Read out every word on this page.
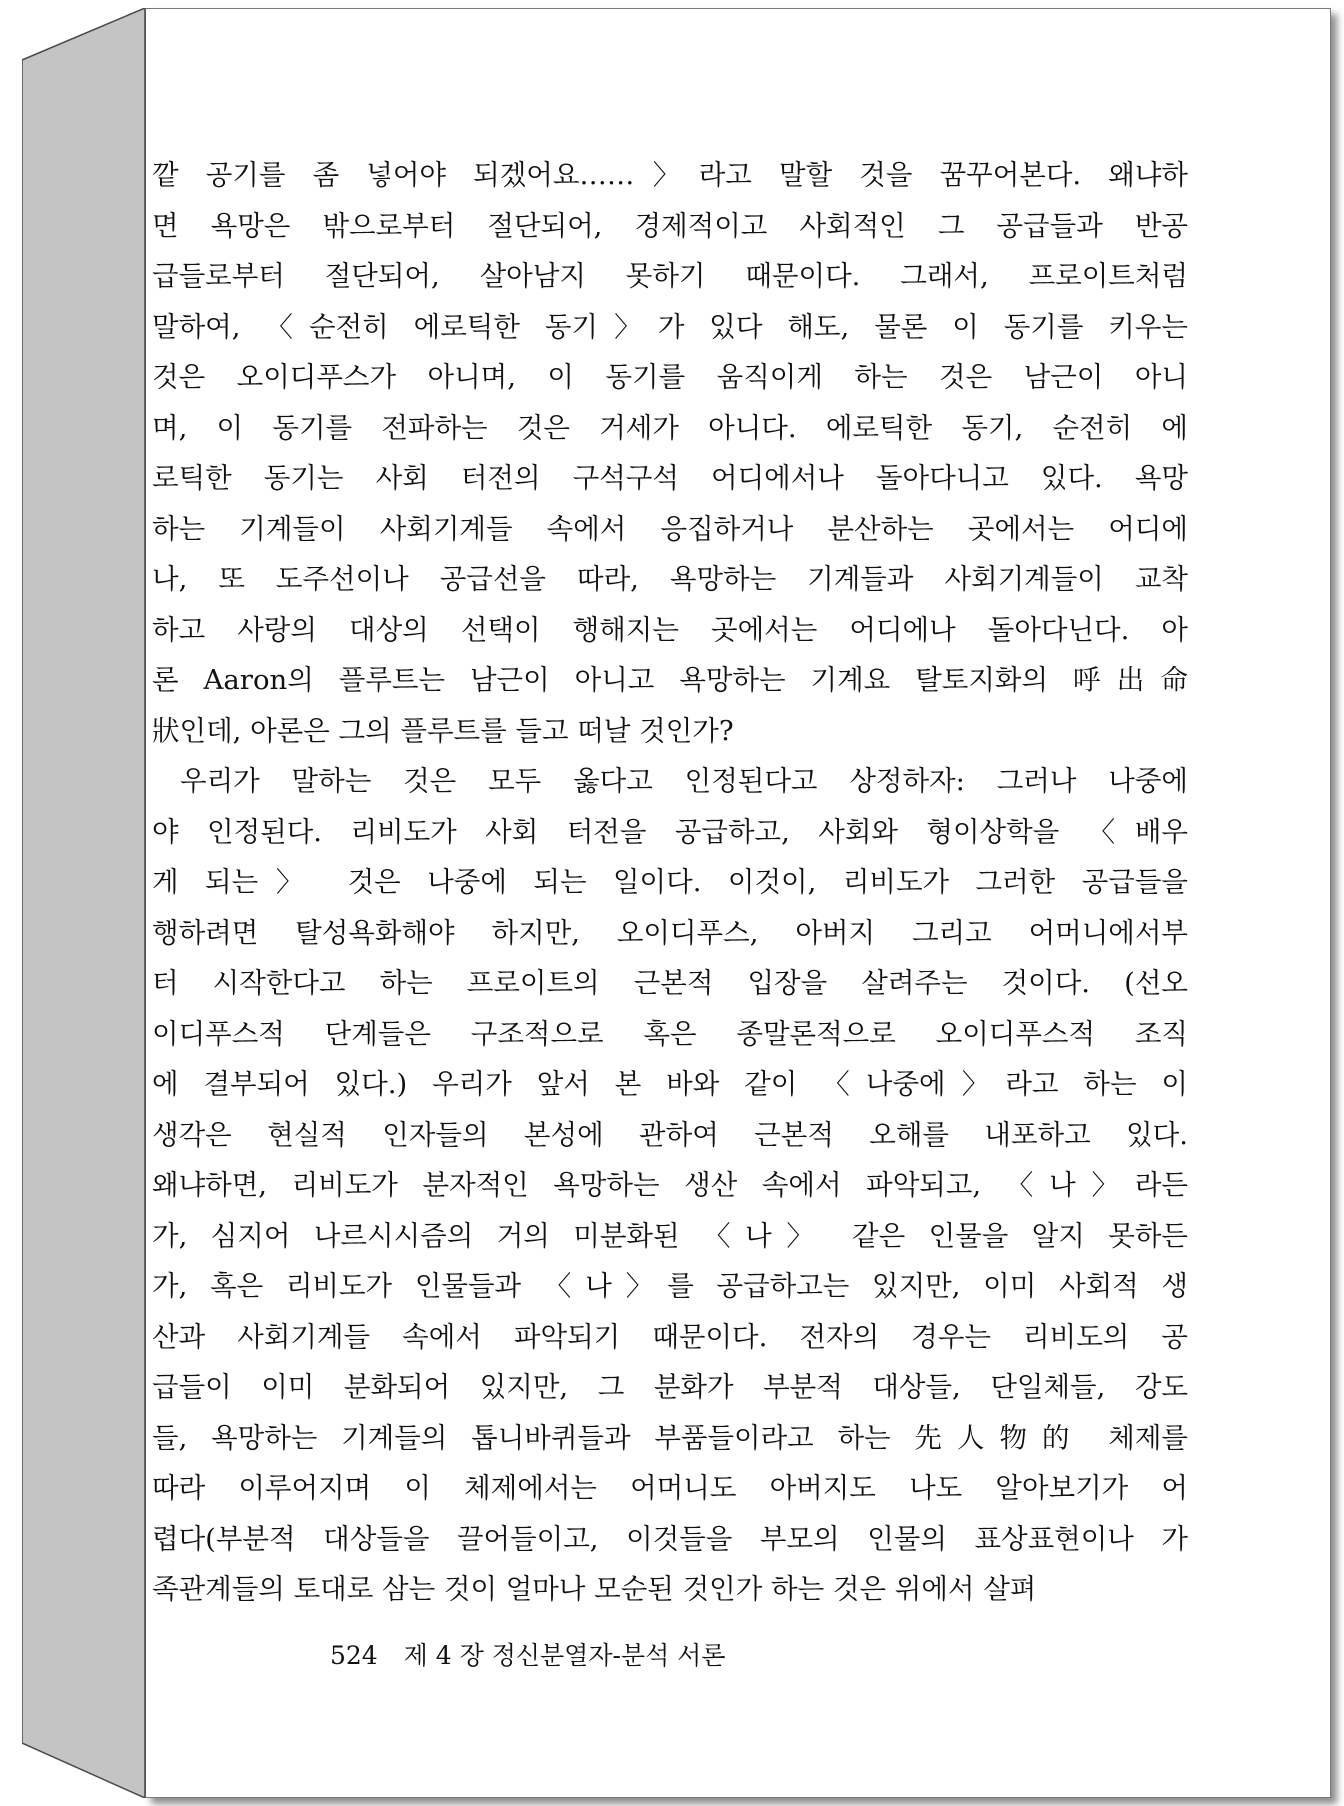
깥 공기를 좀 넣어야 되겠어요……〉라고 말할 것을 꿈꾸어본다. 왜냐하
면 욕망은 밖으로부터 절단되어, 경제적이고 사회적인 그 공급들과 반공
급들로부터 절단되어, 살아남지 못하기 때문이다. 그래서, 프로이트처럼
말하여, 〈순전히 에로틱한 동기〉가 있다 해도, 물론 이 동기를 키우는
것은 오이디푸스가 아니며, 이 동기를 움직이게 하는 것은 남근이 아니
며, 이 동기를 전파하는 것은 거세가 아니다. 에로틱한 동기, 순전히 에
로틱한 동기는 사회 터전의 구석구석 어디에서나 돌아다니고 있다. 욕망
하는 기계들이 사회기계들 속에서 응집하거나 분산하는 곳에서는 어디에
나, 또 도주선이나 공급선을 따라, 욕망하는 기계들과 사회기계들이 교착
하고 사랑의 대상의 선택이 행해지는 곳에서는 어디에나 돌아다닌다. 아
론 Aaron의 플루트는 남근이 아니고 욕망하는 기계요 탈토지화의 呼出命
狀인데, 아론은 그의 플루트를 들고 떠날 것인가?
우리가 말하는 것은 모두 옳다고 인정된다고 상정하자: 그러나 나중에
야 인정된다. 리비도가 사회 터전을 공급하고, 사회와 형이상학을 〈배우
게 되는〉 것은 나중에 되는 일이다. 이것이, 리비도가 그러한 공급들을
행하려면 탈성욕화해야 하지만, 오이디푸스, 아버지 그리고 어머니에서부
터 시작한다고 하는 프로이트의 근본적 입장을 살려주는 것이다. (선오
이디푸스적 단계들은 구조적으로 혹은 종말론적으로 오이디푸스적 조직
에 결부되어 있다.) 우리가 앞서 본 바와 같이 〈나중에〉라고 하는 이
생각은 현실적 인자들의 본성에 관하여 근본적 오해를 내포하고 있다.
왜냐하면, 리비도가 분자적인 욕망하는 생산 속에서 파악되고, 〈나〉라든
가, 심지어 나르시시즘의 거의 미분화된 〈나〉 같은 인물을 알지 못하든
가, 혹은 리비도가 인물들과 〈나〉를 공급하고는 있지만, 이미 사회적 생
산과 사회기계들 속에서 파악되기 때문이다. 전자의 경우는 리비도의 공
급들이 이미 분화되어 있지만, 그 분화가 부분적 대상들, 단일체들, 강도
들, 욕망하는 기계들의 톱니바퀴들과 부품들이라고 하는 先人物的 체제를
따라 이루어지며 이 체제에서는 어머니도 아버지도 나도 알아보기가 어
렵다(부분적 대상들을 끌어들이고, 이것들을 부모의 인물의 표상표현이나 가
족관계들의 토대로 삼는 것이 얼마나 모순된 것인가 하는 것은 위에서 살펴
524 제 4 장 정신분열자-분석 서론
